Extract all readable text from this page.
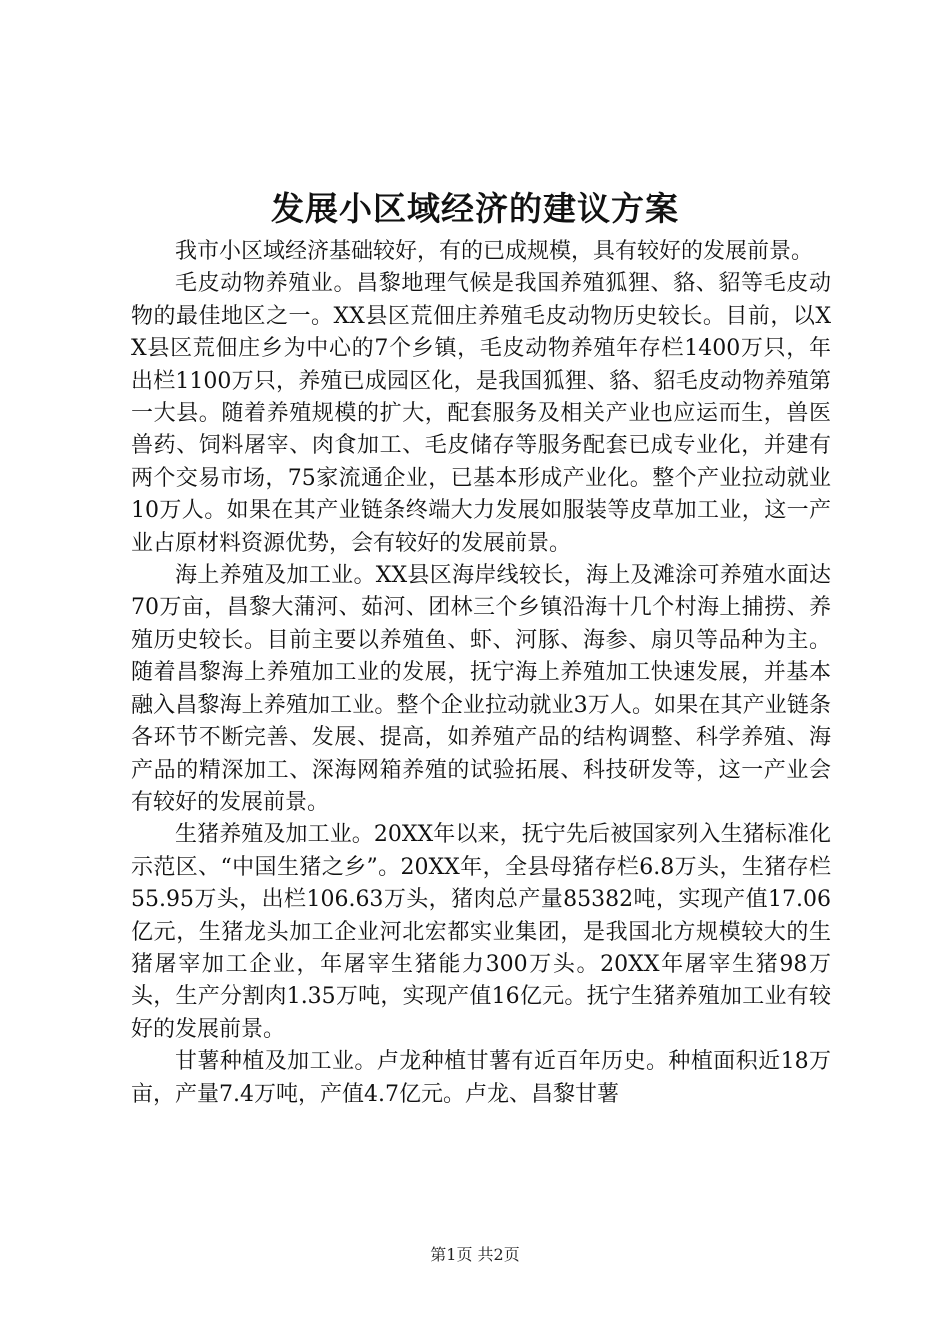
发展小区域经济的建议方案

我市小区域经济基础较好，有的已成规模，具有较好的发展前景。

毛皮动物养殖业。昌黎地理气候是我国养殖狐狸、貉、貂等毛皮动物的最佳地区之一。XX县区荒佃庄养殖毛皮动物历史较长。目前，以XX县区荒佃庄乡为中心的7个乡镇，毛皮动物养殖年存栏1400万只，年出栏1100万只，养殖已成园区化，是我国狐狸、貉、貂毛皮动物养殖第一大县。随着养殖规模的扩大，配套服务及相关产业也应运而生，兽医兽药、饲料屠宰、肉食加工、毛皮储存等服务配套已成专业化，并建有两个交易市场，75家流通企业，已基本形成产业化。整个产业拉动就业10万人。如果在其产业链条终端大力发展如服装等皮草加工业，这一产业占原材料资源优势，会有较好的发展前景。

海上养殖及加工业。XX县区海岸线较长，海上及滩涂可养殖水面达70万亩，昌黎大蒲河、茹河、团林三个乡镇沿海十几个村海上捕捞、养殖历史较长。目前主要以养殖鱼、虾、河豚、海参、扇贝等品种为主。随着昌黎海上养殖加工业的发展，抚宁海上养殖加工快速发展，并基本融入昌黎海上养殖加工业。整个企业拉动就业3万人。如果在其产业链条各环节不断完善、发展、提高，如养殖产品的结构调整、科学养殖、海产品的精深加工、深海网箱养殖的试验拓展、科技研发等，这一产业会有较好的发展前景。

生猪养殖及加工业。20XX年以来，抚宁先后被国家列入生猪标准化示范区、“中国生猪之乡”。20XX年，全县母猪存栏6.8万头，生猪存栏55.95万头，出栏106.63万头，猪肉总产量85382吨，实现产值17.06亿元，生猪龙头加工企业河北宏都实业集团，是我国北方规模较大的生猪屠宰加工企业，年屠宰生猪能力300万头。20XX年屠宰生猪98万头，生产分割肉1.35万吨，实现产值16亿元。抚宁生猪养殖加工业有较好的发展前景。

甘薯种植及加工业。卢龙种植甘薯有近百年历史。种植面积近18万亩，产量7.4万吨，产值4.7亿元。卢龙、昌黎甘薯

第1页 共2页
